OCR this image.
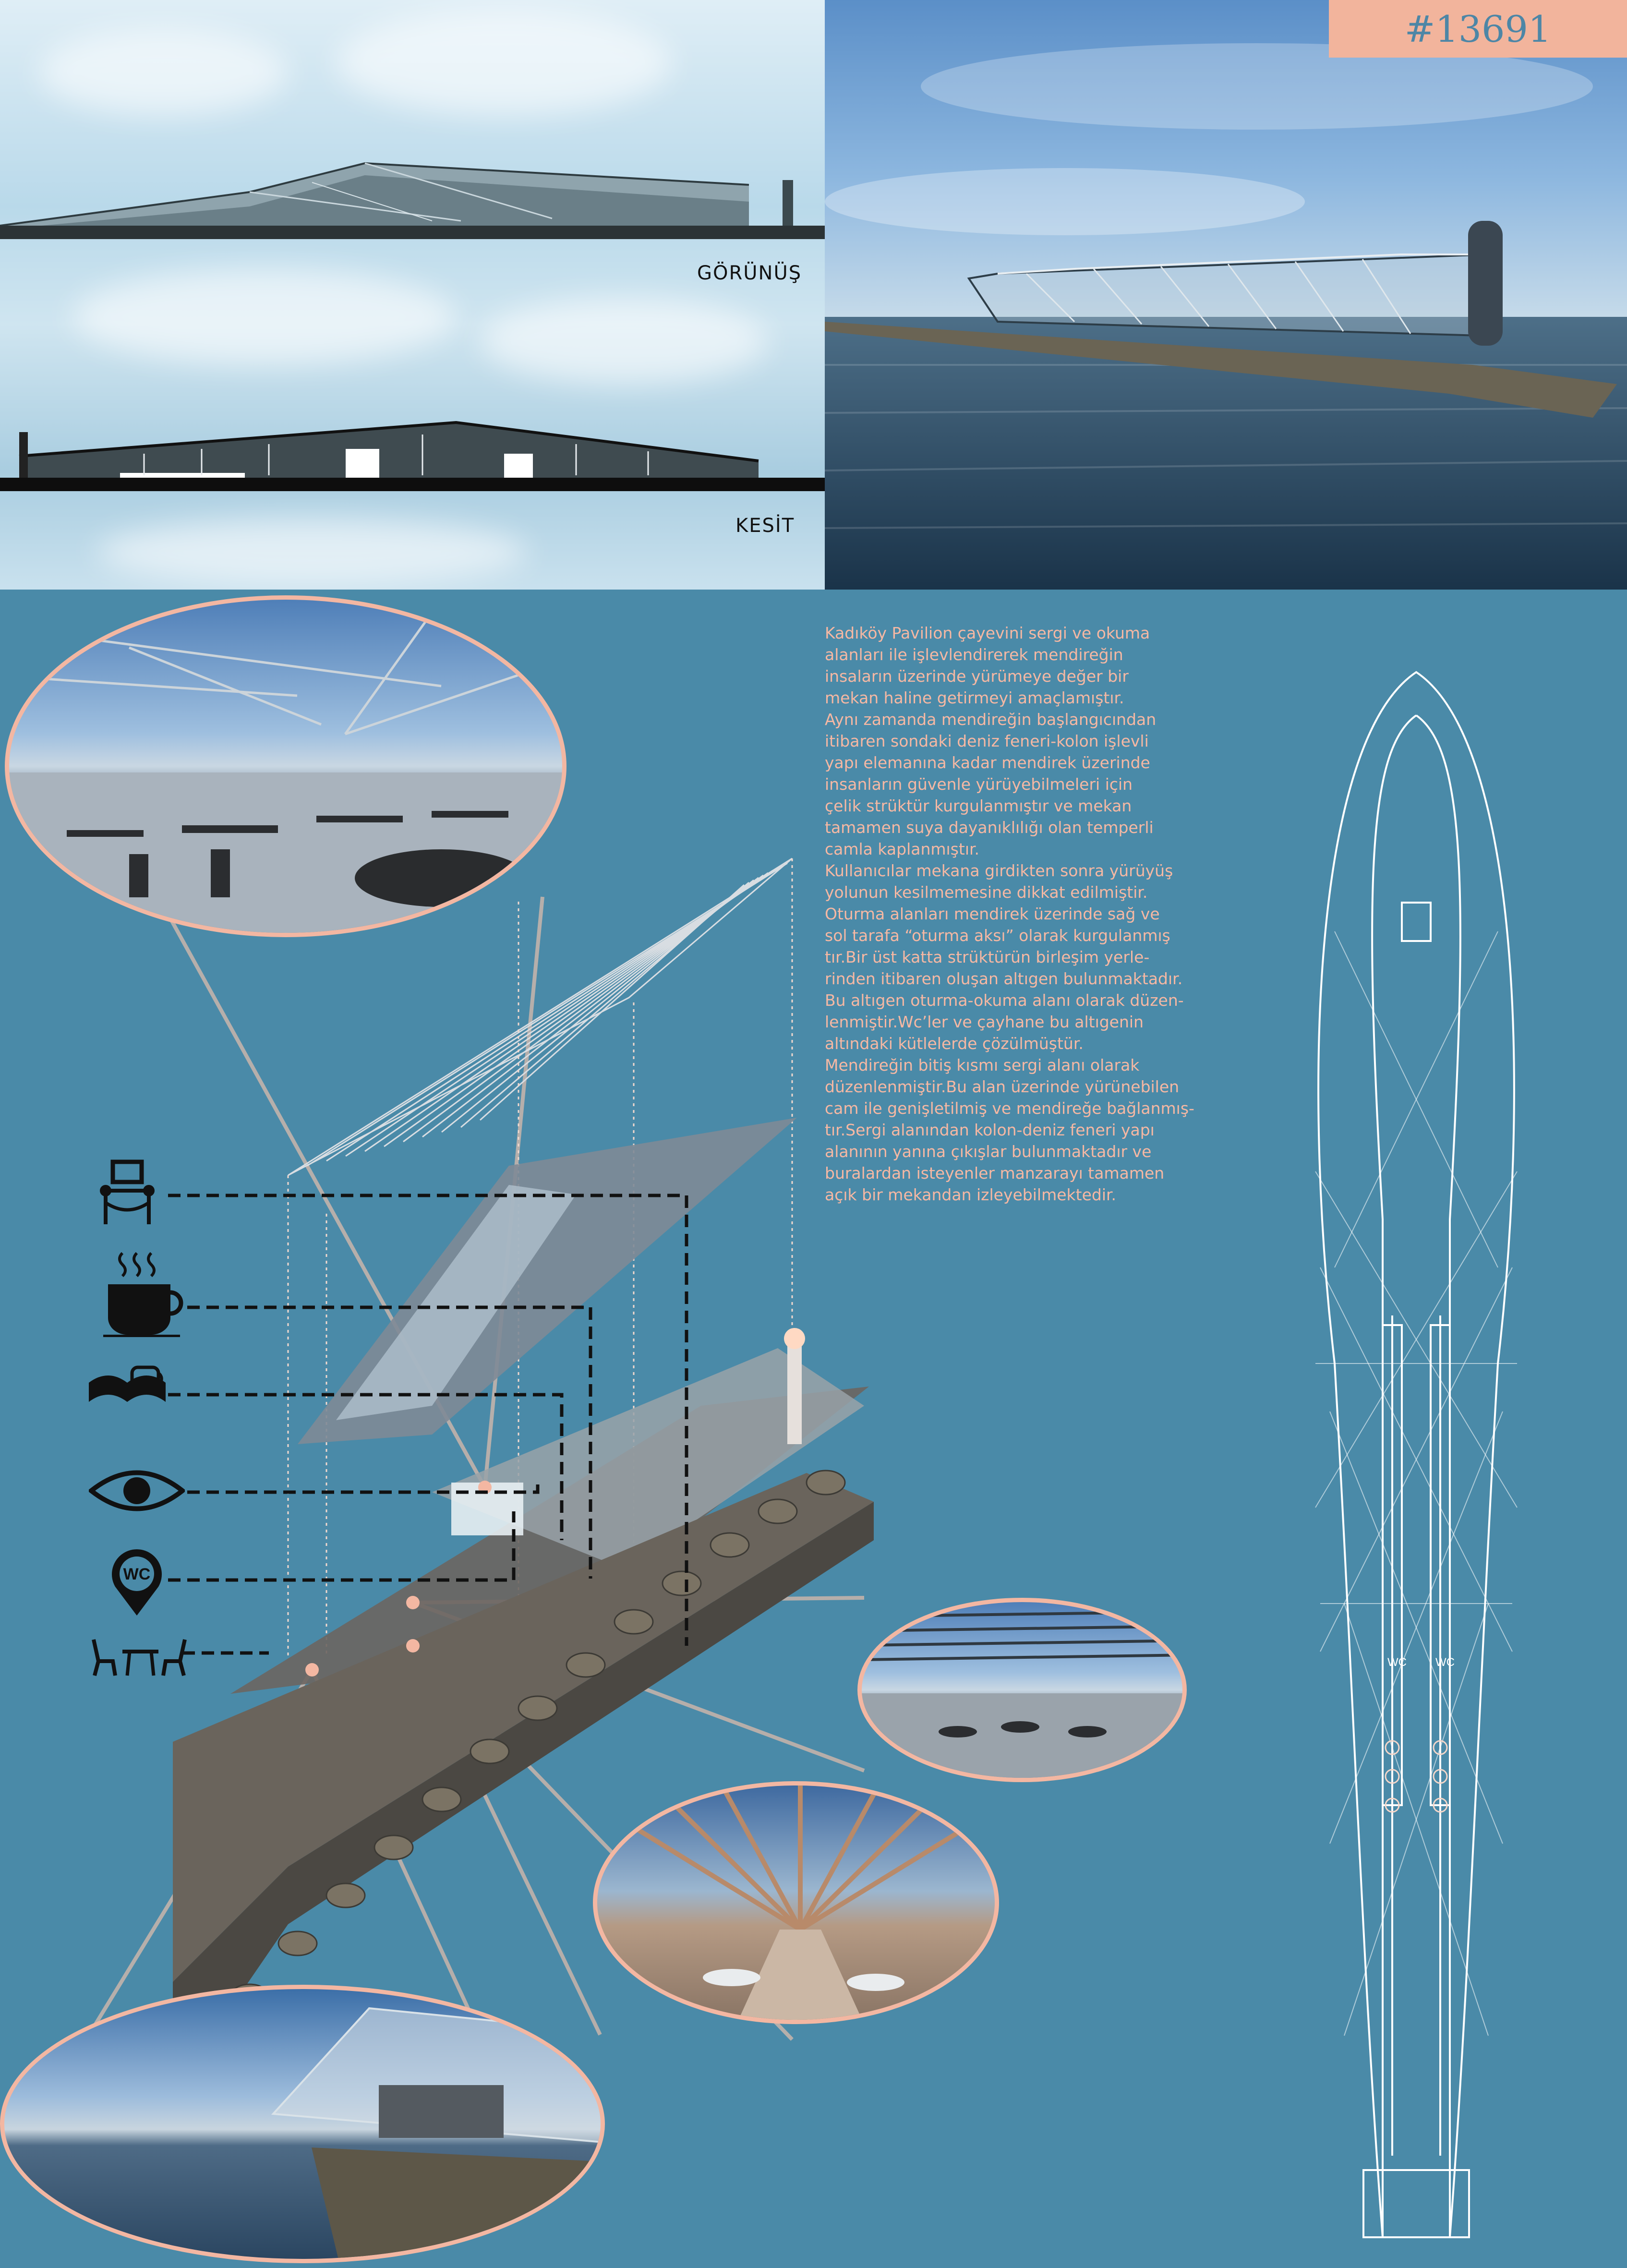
GÖRÜNÜŞ
KESİT
#13691
Kadıköy Pavilion çayevini sergi ve okuma
alanları ile işlevlendirerek mendireğin
insaların üzerinde yürümeye değer bir
mekan haline getirmeyi amaçlamıştır.
Aynı zamanda mendireğin başlangıcından
itibaren sondaki deniz feneri-kolon işlevli
yapı elemanına kadar mendirek üzerinde
insanların güvenle yürüyebilmeleri için
çelik strüktür kurgulanmıştır ve mekan
tamamen suya dayanıklılığı olan temperli
camla kaplanmıştır.
Kullanıcılar mekana girdikten sonra yürüyüş
yolunun kesilmemesine dikkat edilmiştir.
Oturma alanları mendirek üzerinde sağ ve
sol tarafa “oturma aksı” olarak kurgulanmış
tır.Bir üst katta strüktürün birleşim yerle-
rinden itibaren oluşan altıgen bulunmaktadır.
Bu altıgen oturma-okuma alanı olarak düzen-
lenmiştir.Wc’ler ve çayhane bu altıgenin
altındaki kütlelerde çözülmüştür.
Mendireğin bitiş kısmı sergi alanı olarak
düzenlenmiştir.Bu alan üzerinde yürünebilen
cam ile genişletilmiş ve mendireğe bağlanmış-
tır.Sergi alanından kolon-deniz feneri yapı
alanının yanına çıkışlar bulunmaktadır ve
buralardan isteyenler manzarayı tamamen
açık bir mekandan izleyebilmektedir.
WC
WC	WC
